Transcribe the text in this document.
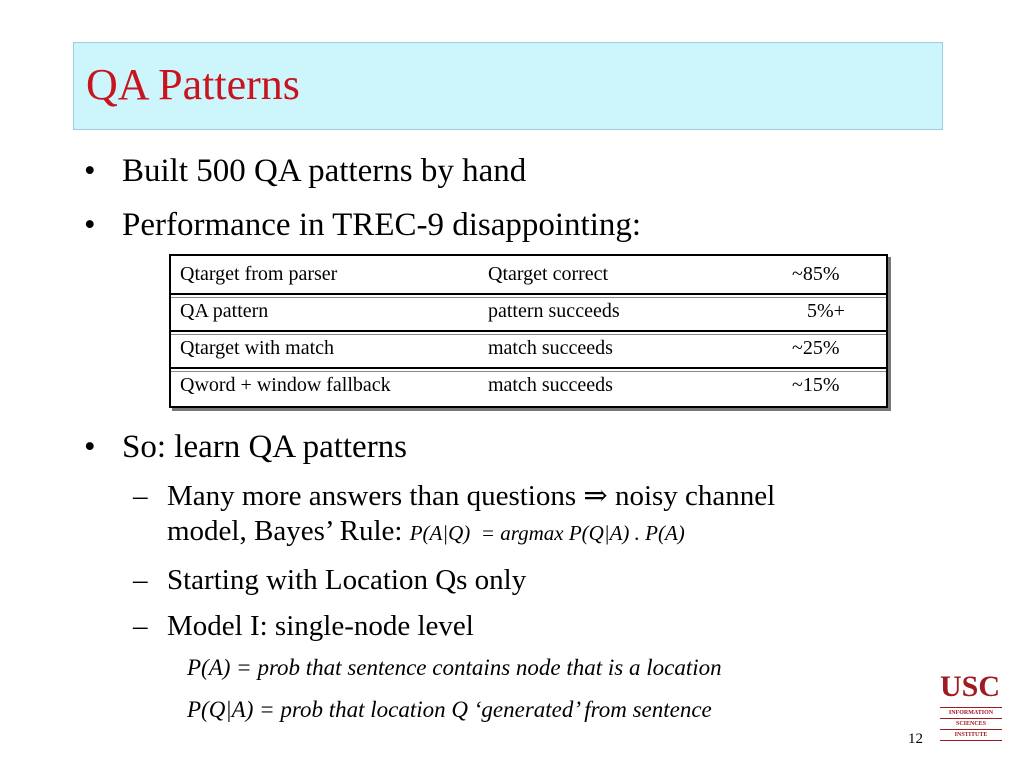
QA Patterns
• Built 500 QA patterns by hand
• Performance in TREC-9 disappointing:
Qtarget from parser	Qtarget correct	~85%
QA pattern	pattern succeeds	5%+
Qtarget with match	match succeeds	~25%
Qword + window fallback	match succeeds	~15%
• So: learn QA patterns
– Many more answers than questions ⇒ noisy channel
model, Bayes’ Rule: P(A|Q)  = argmax P(Q|A) . P(A)
– Starting with Location Qs only
– Model I: single-node level
P(A) = prob that sentence contains node that is a location
P(Q|A) = prob that location Q ‘generated’ from sentence
USC
INFORMATION
SCIENCES
INSTITUTE
12
